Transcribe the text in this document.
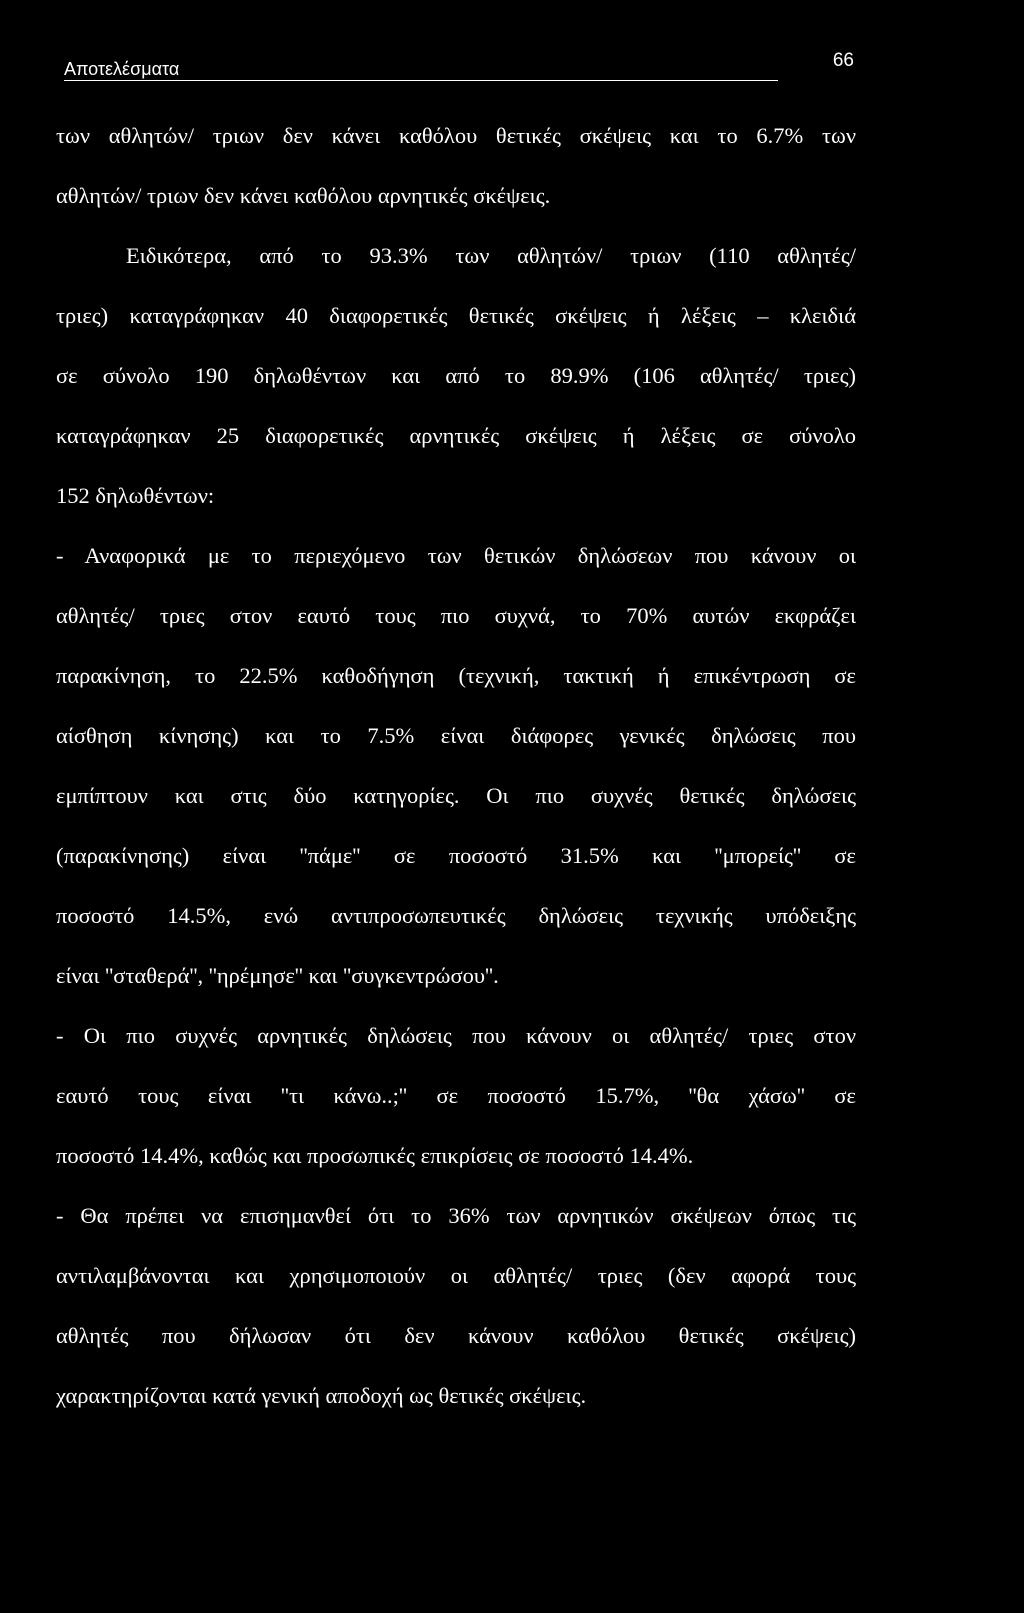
Αποτελέσματα	66
των αθλητών/ τριων δεν κάνει καθόλου θετικές σκέψεις και το 6.7% των
αθλητών/ τριων δεν κάνει καθόλου αρνητικές σκέψεις.
Ειδικότερα, από το 93.3% των αθλητών/ τριων (110 αθλητές/
τριες) καταγράφηκαν 40 διαφορετικές θετικές σκέψεις ή λέξεις – κλειδιά
σε σύνολο 190 δηλωθέντων και από το 89.9% (106 αθλητές/ τριες)
καταγράφηκαν 25 διαφορετικές αρνητικές σκέψεις ή λέξεις σε σύνολο
152 δηλωθέντων:
- Αναφορικά με το περιεχόμενο των θετικών δηλώσεων που κάνουν οι
αθλητές/ τριες στον εαυτό τους πιο συχνά, το 70% αυτών εκφράζει
παρακίνηση, το 22.5% καθοδήγηση (τεχνική, τακτική ή επικέντρωση σε
αίσθηση κίνησης) και το 7.5% είναι διάφορες γενικές δηλώσεις που
εμπίπτουν και στις δύο κατηγορίες. Οι πιο συχνές θετικές δηλώσεις
(παρακίνησης) είναι ''πάμε'' σε ποσοστό 31.5% και ''μπορείς'' σε
ποσοστό 14.5%, ενώ αντιπροσωπευτικές δηλώσεις τεχνικής υπόδειξης
είναι ''σταθερά'', ''ηρέμησε'' και ''συγκεντρώσου''.
- Οι πιο συχνές αρνητικές δηλώσεις που κάνουν οι αθλητές/ τριες στον
εαυτό τους είναι ''τι κάνω..;'' σε ποσοστό 15.7%, ''θα χάσω'' σε
ποσοστό 14.4%, καθώς και προσωπικές επικρίσεις σε ποσοστό 14.4%.
- Θα πρέπει να επισημανθεί ότι το 36% των αρνητικών σκέψεων όπως τις
αντιλαμβάνονται και χρησιμοποιούν οι αθλητές/ τριες (δεν αφορά τους
αθλητές που δήλωσαν ότι δεν κάνουν καθόλου θετικές σκέψεις)
χαρακτηρίζονται κατά γενική αποδοχή ως θετικές σκέψεις.
